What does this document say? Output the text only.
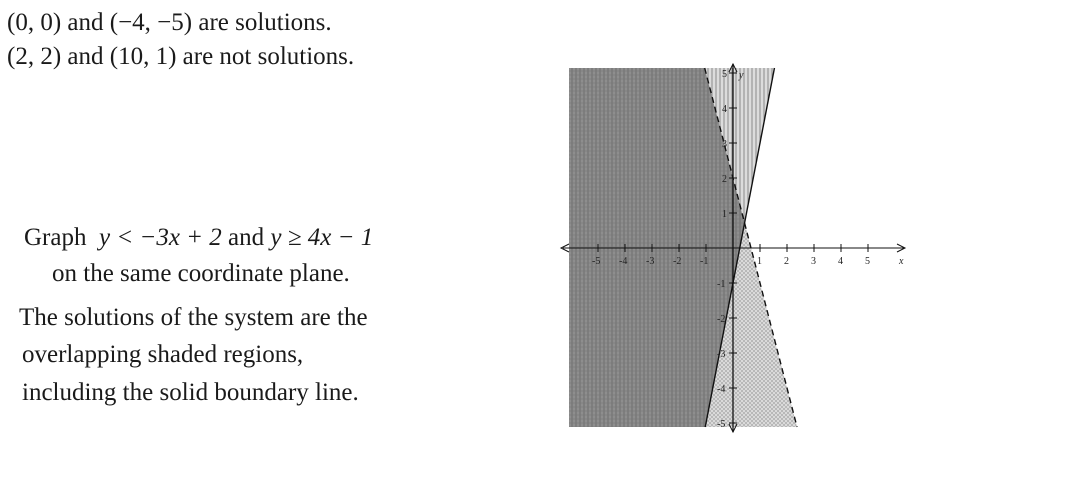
(0, 0) and (−4, −5) are solutions.
(2, 2) and (10, 1) are not solutions.
Graph y < −3x + 2 and y ≥ 4x − 1
on the same coordinate plane.
The solutions of the system are the
overlapping shaded regions,
including the solid boundary line.
x
y
-5 -4 -3 -2 -1	1 2 3 4 5
5
4
3
2
1
-1
-2
-3
-4
-5
